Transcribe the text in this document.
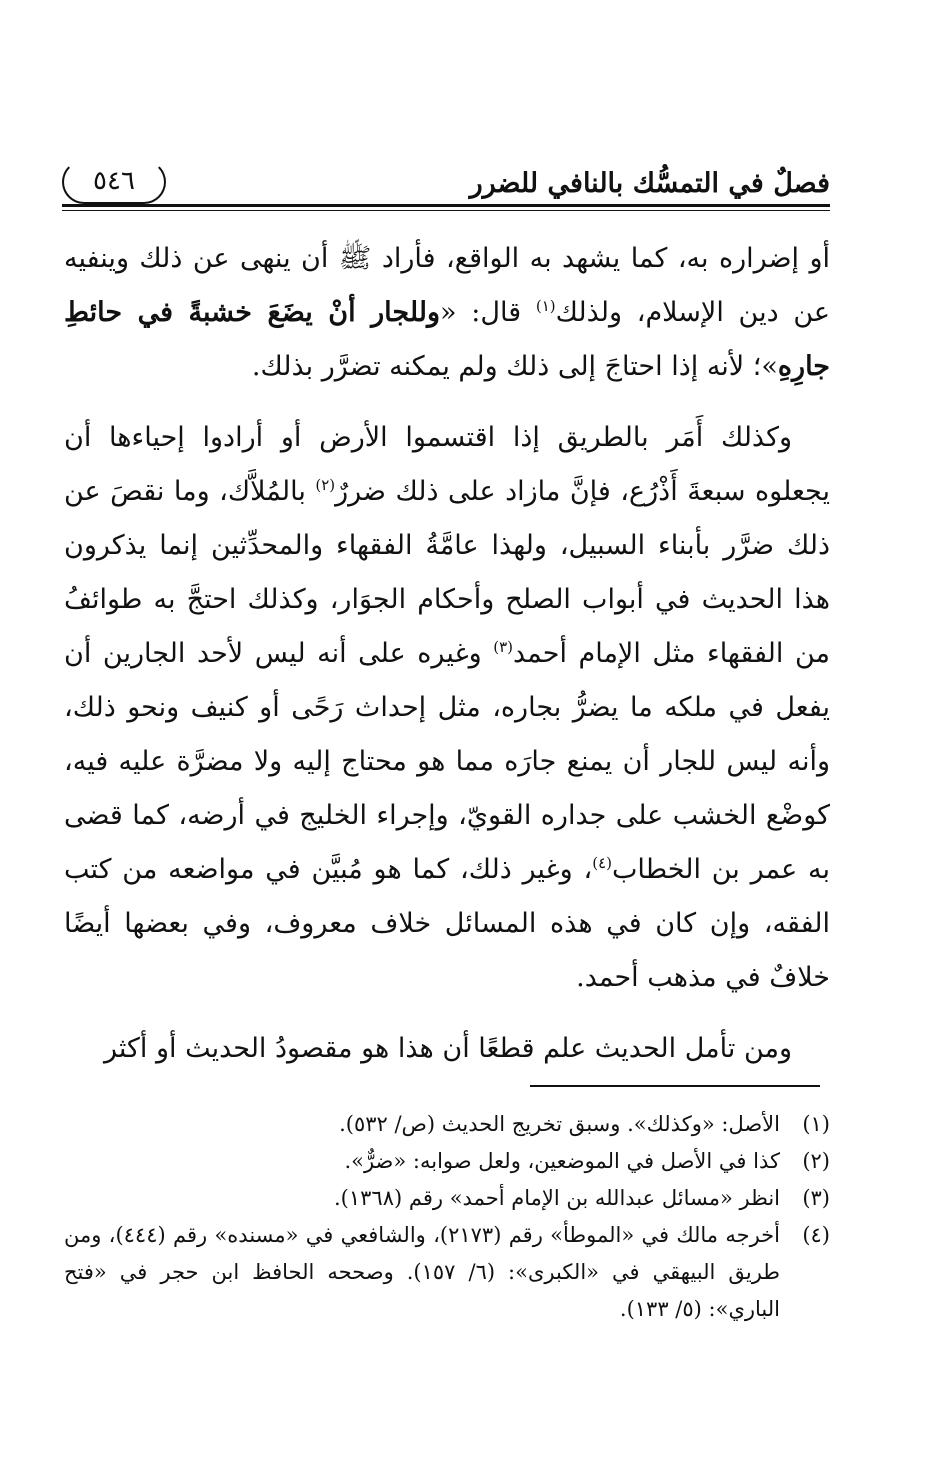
فصلٌ في التمسُّك بالنافي للضرر
٥٤٦

أو إضراره به، كما يشهد به الواقع، فأراد ﷺ أن ينهى عن ذلك وينفيه عن دين الإسلام، ولذلك$^{(١)}$ قال: «وللجار أنْ يضَعَ خشبةً في حائطِ جارِهِ»؛ لأنه إذا احتاجَ إلى ذلك ولم يمكنه تضرَّر بذلك.

وكذلك أَمَر بالطريق إذا اقتسموا الأرض أو أرادوا إحياءها أن يجعلوه سبعةَ أَذْرُع، فإنَّ مازاد على ذلك ضررٌ$^{(٢)}$ بالمُلاَّك، وما نقصَ عن ذلك ضرَّر بأبناء السبيل، ولهذا عامَّةُ الفقهاء والمحدِّثين إنما يذكرون هذا الحديث في أبواب الصلح وأحكام الجوَار، وكذلك احتجَّ به طوائفُ من الفقهاء مثل الإمام أحمد$^{(٣)}$ وغيره على أنه ليس لأحد الجارين أن يفعل في ملكه ما يضرُّ بجاره، مثل إحداث رَحًى أو كنيف ونحو ذلك، وأنه ليس للجار أن يمنع جارَه مما هو محتاج إليه ولا مضرَّة عليه فيه، كوضْع الخشب على جداره القويّ، وإجراء الخليج في أرضه، كما قضى به عمر بن الخطاب$^{(٤)}$، وغير ذلك، كما هو مُبيَّن في مواضعه من كتب الفقه، وإن كان في هذه المسائل خلاف معروف، وفي بعضها أيضًا خلافٌ في مذهب أحمد.

ومن تأمل الحديث علم قطعًا أن هذا هو مقصودُ الحديث أو أكثر

(١)
الأصل: «وكذلك». وسبق تخريج الحديث (ص/ ٥٣٢).
(٢)
كذا في الأصل في الموضعين، ولعل صوابه: «ضرٌّ».
(٣)
انظر «مسائل عبدالله بن الإمام أحمد» رقم (١٣٦٨).
(٤)
أخرجه مالك في «الموطأ» رقم (٢١٧٣)، والشافعي في «مسنده» رقم (٤٤٤)، ومن طريق البيهقي في «الكبرى»: (٦/ ١٥٧). وصححه الحافظ ابن حجر في «فتح الباري»: (٥/ ١٣٣).
